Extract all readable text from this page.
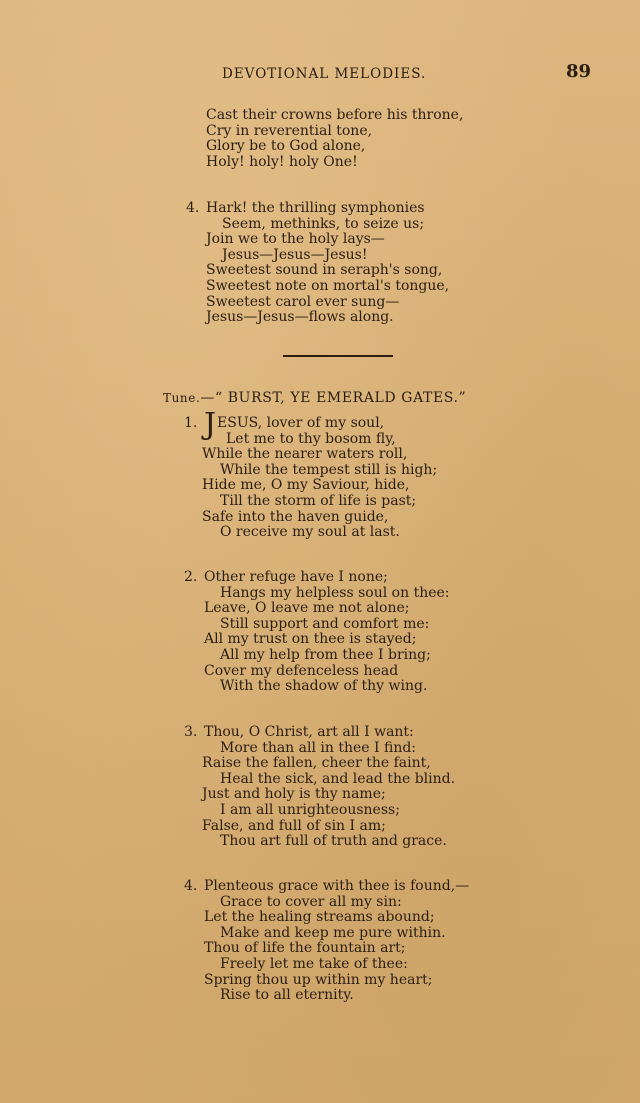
DEVOTIONAL MELODIES.	89
Cast their crowns before his throne,
Cry in reverential tone,
Glory be to God alone,
Holy! holy! holy One!
4. Hark! the thrilling symphonies
Seem, methinks, to seize us;
Join we to the holy lays—
Jesus—Jesus—Jesus!
Sweetest sound in seraph's song,
Sweetest note on mortal's tongue,
Sweetest carol ever sung—
Jesus—Jesus—flows along.
Tune.—“ BURST, YE EMERALD GATES.”
1. JESUS, lover of my soul,
Let me to thy bosom fly,
While the nearer waters roll,
While the tempest still is high;
Hide me, O my Saviour, hide,
Till the storm of life is past;
Safe into the haven guide,
O receive my soul at last.
2. Other refuge have I none;
Hangs my helpless soul on thee:
Leave, O leave me not alone;
Still support and comfort me:
All my trust on thee is stayed;
All my help from thee I bring;
Cover my defenceless head
With the shadow of thy wing.
3. Thou, O Christ, art all I want:
More than all in thee I find:
Raise the fallen, cheer the faint,
Heal the sick, and lead the blind.
Just and holy is thy name;
I am all unrighteousness;
False, and full of sin I am;
Thou art full of truth and grace.
4. Plenteous grace with thee is found,—
Grace to cover all my sin:
Let the healing streams abound;
Make and keep me pure within.
Thou of life the fountain art;
Freely let me take of thee:
Spring thou up within my heart;
Rise to all eternity.
